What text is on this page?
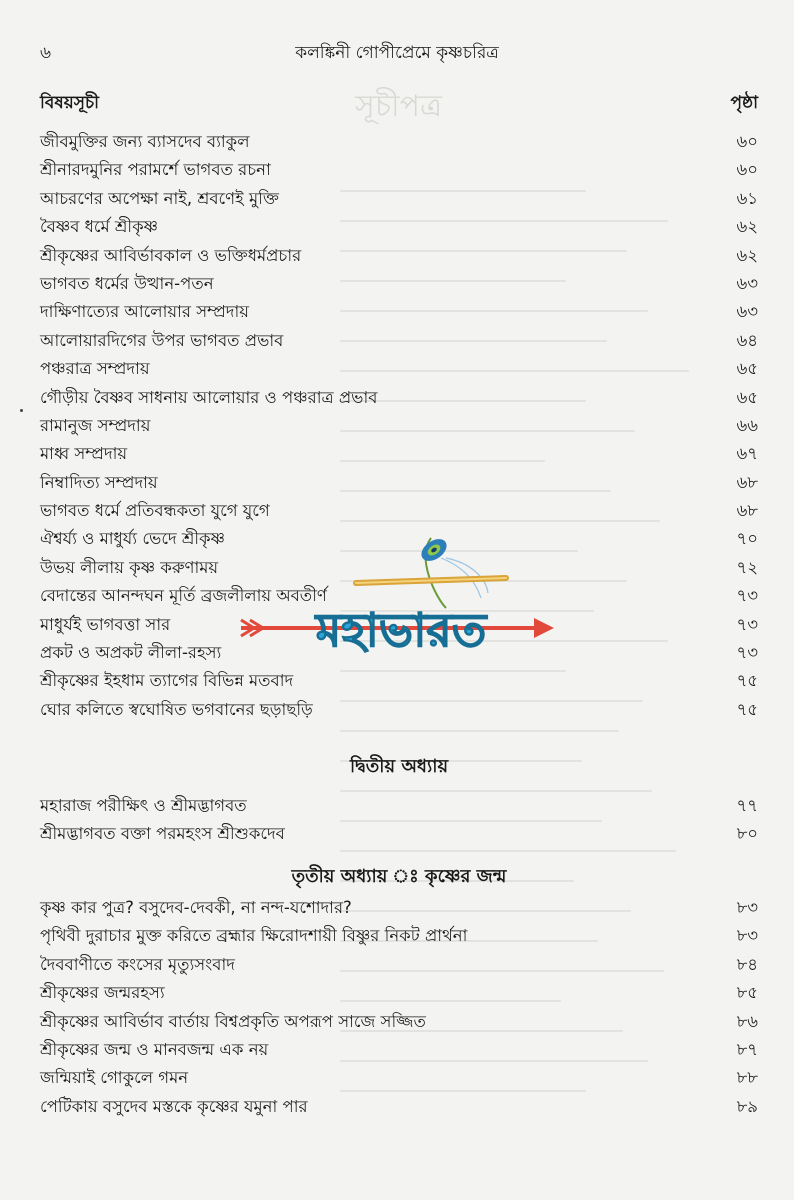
সূচীপত্র
৬	কলঙ্কিনী গোপীপ্রেমে কৃষ্ণচরিত্র
বিষয়সূচী	পৃষ্ঠা
জীবমুক্তির জন্য ব্যাসদেব ব্যাকুল	৬০
শ্রীনারদমুনির পরামর্শে ভাগবত রচনা	৬০
আচরণের অপেক্ষা নাই, শ্রবণেই মুক্তি	৬১
বৈষ্ণব ধর্মে শ্রীকৃষ্ণ	৬২
শ্রীকৃষ্ণের আবির্ভাবকাল ও ভক্তিধর্মপ্রচার	৬২
ভাগবত ধর্মের উত্থান-পতন	৬৩
দাক্ষিণাত্যের আলোয়ার সম্প্রদায়	৬৩
আলোয়ারদিগের উপর ভাগবত প্রভাব	৬৪
পঞ্চরাত্র সম্প্রদায়	৬৫
গৌড়ীয় বৈষ্ণব সাধনায় আলোয়ার ও পঞ্চরাত্র প্রভাব	৬৫
রামানুজ সম্প্রদায়	৬৬
মাধ্ব সম্প্রদায়	৬৭
নিম্বাদিত্য সম্প্রদায়	৬৮
ভাগবত ধর্মে প্রতিবন্ধকতা যুগে যুগে	৬৮
ঐশ্বর্য্য ও মাধুর্য্য ভেদে শ্রীকৃষ্ণ	৭০
উভয় লীলায় কৃষ্ণ করুণাময়	৭২
বেদান্তের আনন্দঘন মূর্তি ব্রজলীলায় অবতীর্ণ	৭৩
মাধুর্যই ভাগবত্তা সার	৭৩
প্রকট ও অপ্রকট লীলা-রহস্য	৭৩
শ্রীকৃষ্ণের ইহধাম ত্যাগের বিভিন্ন মতবাদ	৭৫
ঘোর কলিতে স্বঘোষিত ভগবানের ছড়াছড়ি	৭৫
দ্বিতীয় অধ্যায়
মহারাজ পরীক্ষিৎ ও শ্রীমদ্ভাগবত	৭৭
শ্রীমদ্ভাগবত বক্তা পরমহংস শ্রীশুকদেব	৮০
তৃতীয় অধ্যায় ঃ কৃষ্ণের জন্ম
কৃষ্ণ কার পুত্র? বসুদেব-দেবকী, না নন্দ-যশোদার?	৮৩
পৃথিবী দুরাচার মুক্ত করিতে ব্রহ্মার ক্ষিরোদশায়ী বিষ্ণুর নিকট প্রার্থনা	৮৩
দৈববাণীতে কংসের মৃত্যুসংবাদ	৮৪
শ্রীকৃষ্ণের জন্মরহস্য	৮৫
শ্রীকৃষ্ণের আবির্ভাব বার্তায় বিশ্বপ্রকৃতি অপরূপ সাজে সজ্জিত	৮৬
শ্রীকৃষ্ণের জন্ম ও মানবজন্ম এক নয়	৮৭
জন্মিয়াই গোকুলে গমন	৮৮
পেটিকায় বসুদেব মস্তকে কৃষ্ণের যমুনা পার	৮৯
মহাভারত
